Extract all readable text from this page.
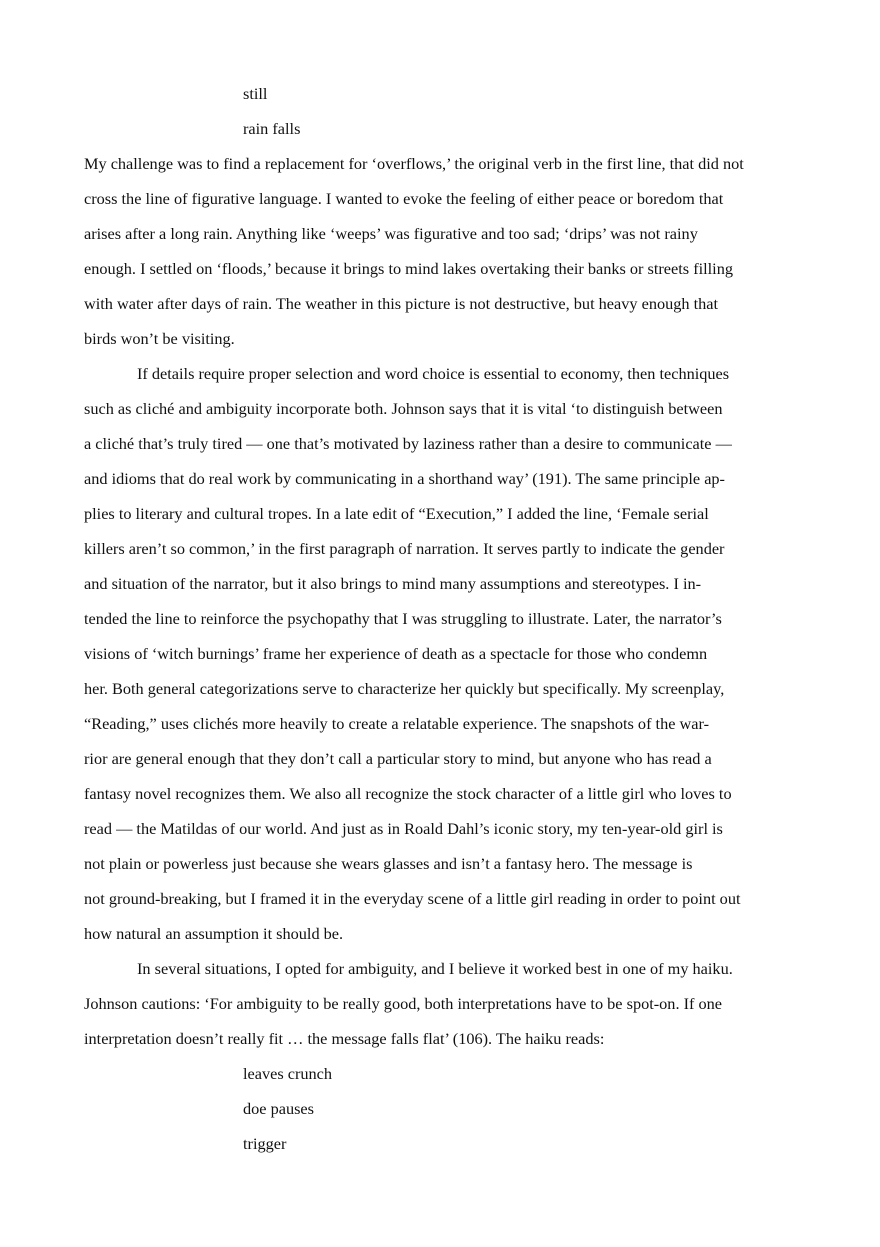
still
rain falls
My challenge was to find a replacement for ‘overflows,’ the original verb in the first line, that did not
cross the line of figurative language. I wanted to evoke the feeling of either peace or boredom that
arises after a long rain. Anything like ‘weeps’ was figurative and too sad; ‘drips’ was not rainy
enough. I settled on ‘floods,’ because it brings to mind lakes overtaking their banks or streets filling
with water after days of rain. The weather in this picture is not destructive, but heavy enough that
birds won’t be visiting.
If details require proper selection and word choice is essential to economy, then techniques
such as cliché and ambiguity incorporate both. Johnson says that it is vital ‘to distinguish between
a cliché that’s truly tired — one that’s motivated by laziness rather than a desire to communicate —
and idioms that do real work by communicating in a shorthand way’ (191). The same principle ap-
plies to literary and cultural tropes. In a late edit of “Execution,” I added the line, ‘Female serial
killers aren’t so common,’ in the first paragraph of narration. It serves partly to indicate the gender
and situation of the narrator, but it also brings to mind many assumptions and stereotypes. I in-
tended the line to reinforce the psychopathy that I was struggling to illustrate. Later, the narrator’s
visions of ‘witch burnings’ frame her experience of death as a spectacle for those who condemn
her. Both general categorizations serve to characterize her quickly but specifically. My screenplay,
“Reading,” uses clichés more heavily to create a relatable experience. The snapshots of the war-
rior are general enough that they don’t call a particular story to mind, but anyone who has read a
fantasy novel recognizes them. We also all recognize the stock character of a little girl who loves to
read — the Matildas of our world. And just as in Roald Dahl’s iconic story, my ten-year-old girl is
not plain or powerless just because she wears glasses and isn’t a fantasy hero. The message is
not ground-breaking, but I framed it in the everyday scene of a little girl reading in order to point out
how natural an assumption it should be.
In several situations, I opted for ambiguity, and I believe it worked best in one of my haiku.
Johnson cautions: ‘For ambiguity to be really good, both interpretations have to be spot-on. If one
interpretation doesn’t really fit … the message falls flat’ (106). The haiku reads:
leaves crunch
doe pauses
trigger
